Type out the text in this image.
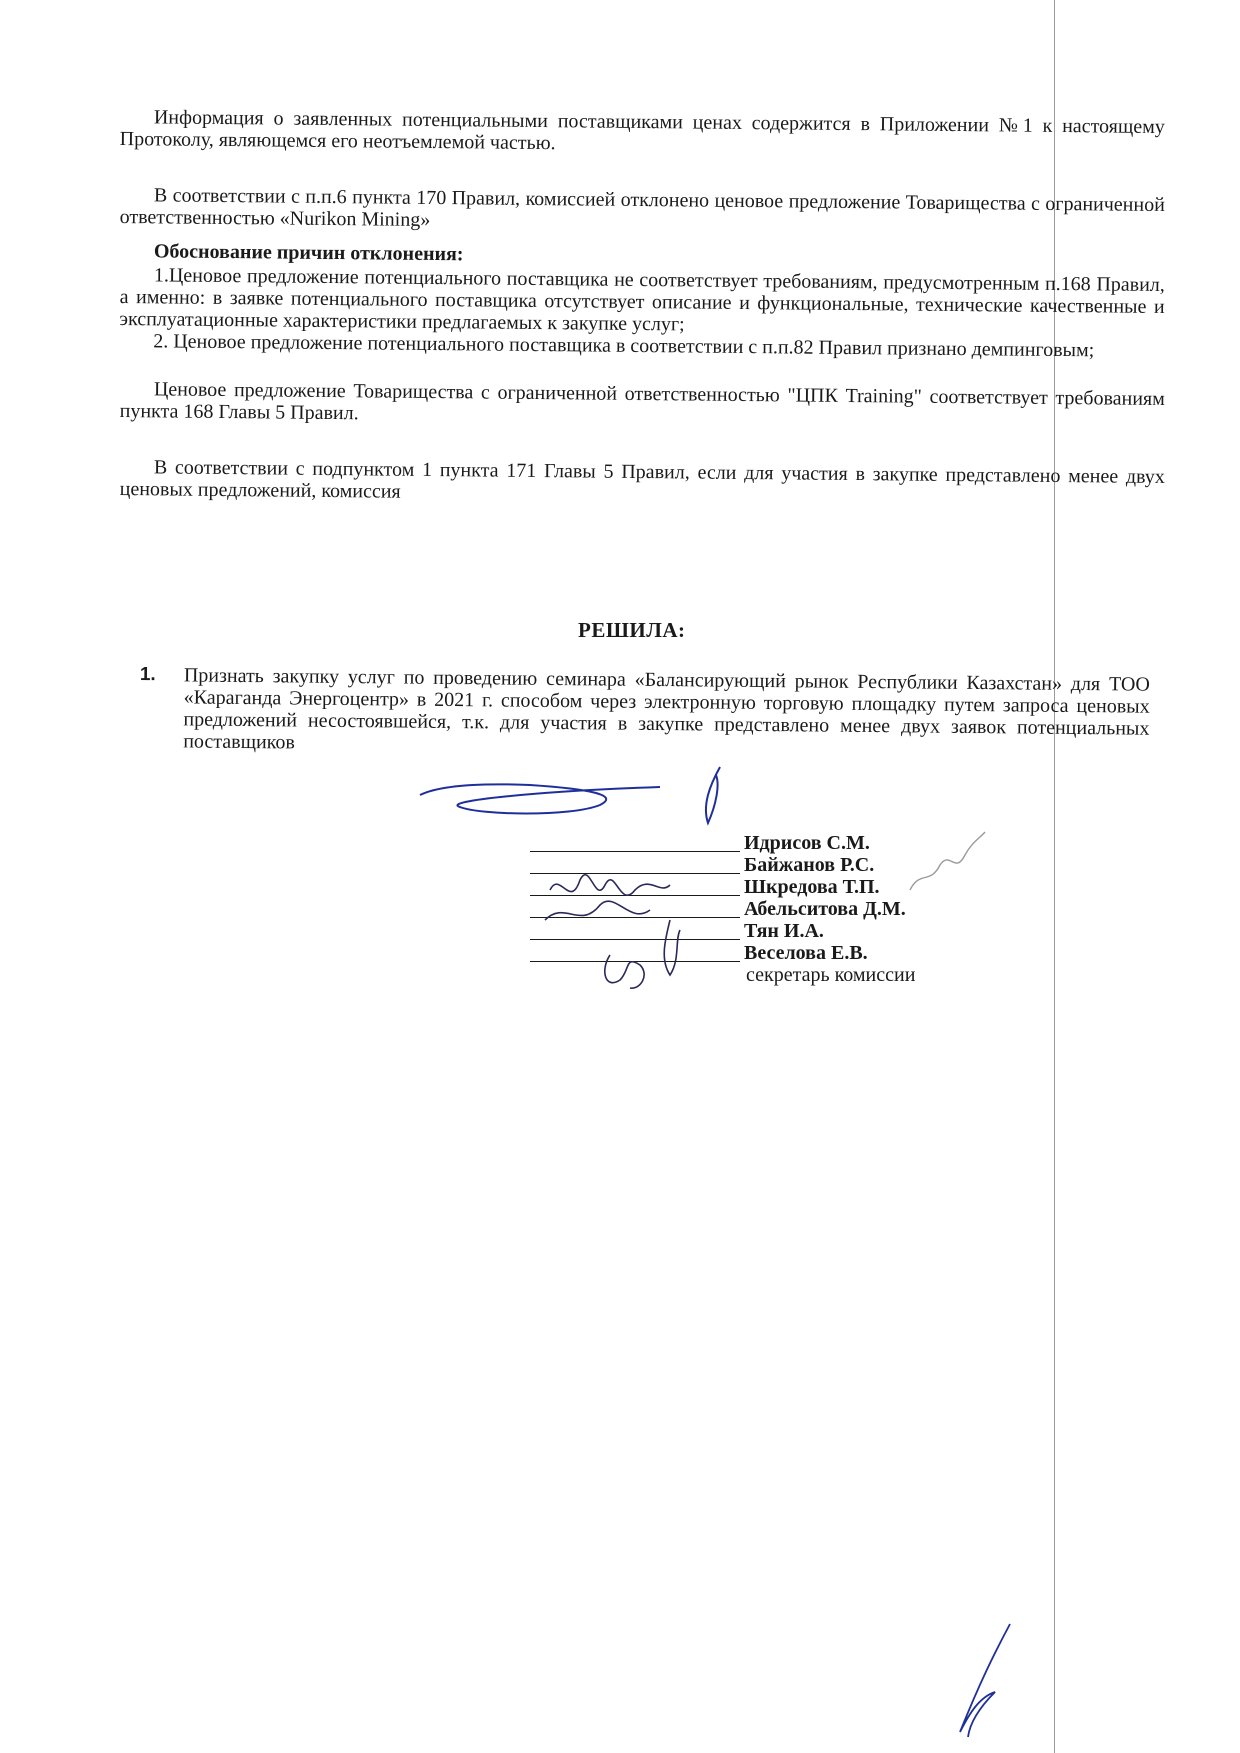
Информация о заявленных потенциальными поставщиками ценах содержится в Приложении №1 к настоящему Протоколу, являющемся его неотъемлемой частью.
В соответствии с п.п.6 пункта 170 Правил, комиссией отклонено ценовое предложение Товарищества с ограниченной ответственностью «Nurikon Mining»
Обоснование причин отклонения:
1.Ценовое предложение потенциального поставщика не соответствует требованиям, предусмотренным п.168 Правил, а именно: в заявке потенциального поставщика отсутствует описание и функциональные, технические качественные и эксплуатационные характеристики предлагаемых к закупке услуг;
2. Ценовое предложение потенциального поставщика в соответствии с п.п.82 Правил признано демпинговым;
Ценовое предложение Товарищества с ограниченной ответственностью "ЦПК Training" соответствует требованиям пункта 168 Главы 5 Правил.
В соответствии с подпунктом 1 пункта 171 Главы 5 Правил, если для участия в закупке представлено менее двух ценовых предложений, комиссия
РЕШИЛА:
1. Признать закупку услуг по проведению семинара «Балансирующий рынок Республики Казахстан» для ТОО «Караганда Энергоцентр» в 2021 г. способом через электронную торговую площадку путем запроса ценовых предложений несостоявшейся, т.к. для участия в закупке представлено менее двух заявок потенциальных поставщиков
Идрисов С.М.
Байжанов Р.С.
Шкредова Т.П.
Абельситова Д.М.
Тян И.А.
Веселова Е.В.
секретарь комиссии
